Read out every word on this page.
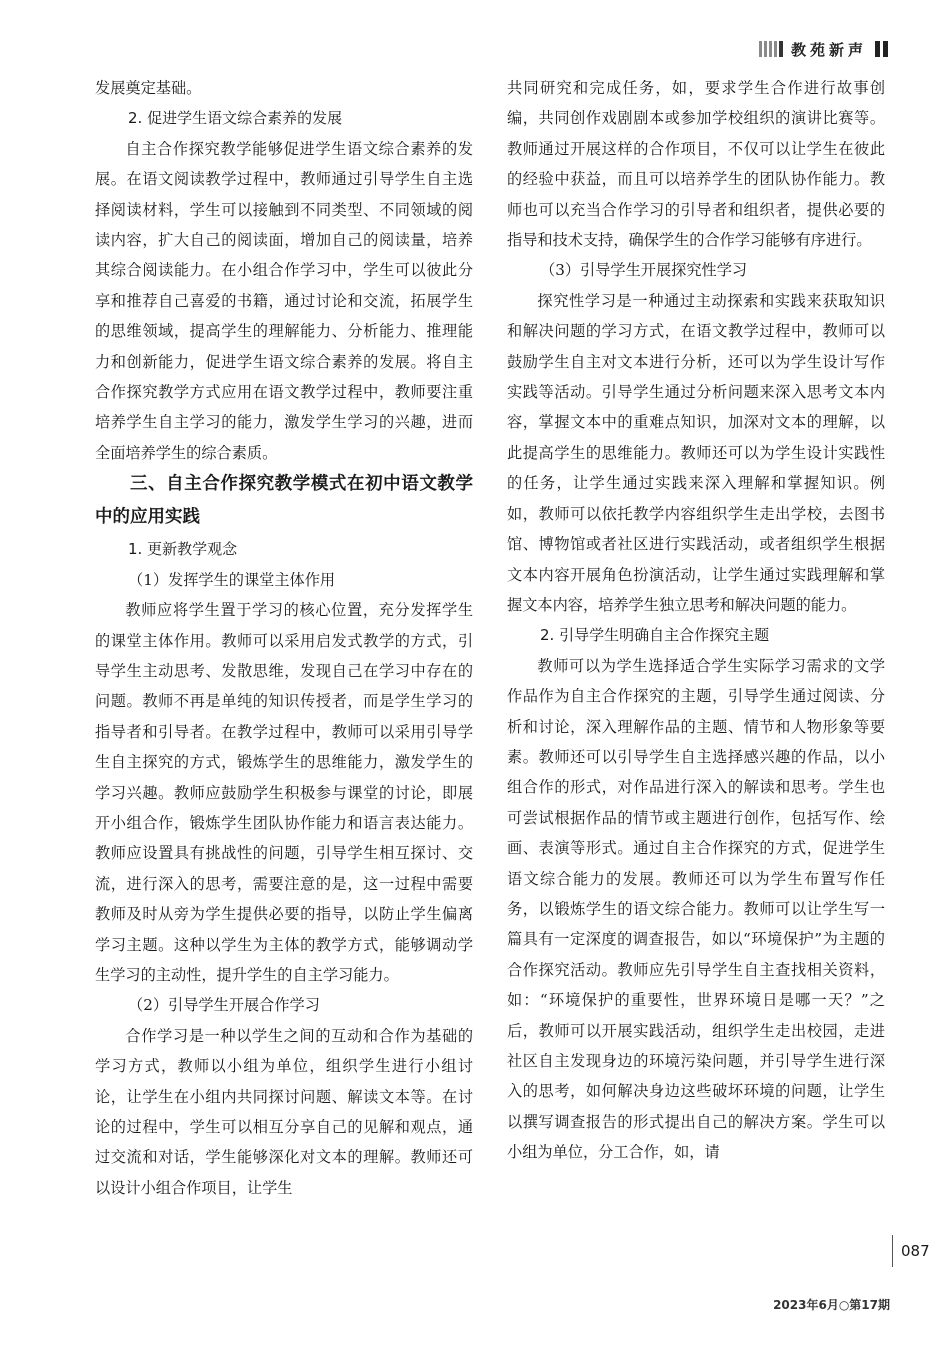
教苑新声

发展奠定基础。

2. 促进学生语文综合素养的发展

自主合作探究教学能够促进学生语文综合素养的发展。在语文阅读教学过程中，教师通过引导学生自主选择阅读材料，学生可以接触到不同类型、不同领域的阅读内容，扩大自己的阅读面，增加自己的阅读量，培养其综合阅读能力。在小组合作学习中，学生可以彼此分享和推荐自己喜爱的书籍，通过讨论和交流，拓展学生的思维领域，提高学生的理解能力、分析能力、推理能力和创新能力，促进学生语文综合素养的发展。将自主合作探究教学方式应用在语文教学过程中，教师要注重培养学生自主学习的能力，激发学生学习的兴趣，进而全面培养学生的综合素质。

三、自主合作探究教学模式在初中语文教学中的应用实践

1. 更新教学观念

（1）发挥学生的课堂主体作用

教师应将学生置于学习的核心位置，充分发挥学生的课堂主体作用。教师可以采用启发式教学的方式，引导学生主动思考、发散思维，发现自己在学习中存在的问题。教师不再是单纯的知识传授者，而是学生学习的指导者和引导者。在教学过程中，教师可以采用引导学生自主探究的方式，锻炼学生的思维能力，激发学生的学习兴趣。教师应鼓励学生积极参与课堂的讨论，即展开小组合作，锻炼学生团队协作能力和语言表达能力。教师应设置具有挑战性的问题，引导学生相互探讨、交流，进行深入的思考，需要注意的是，这一过程中需要教师及时从旁为学生提供必要的指导，以防止学生偏离学习主题。这种以学生为主体的教学方式，能够调动学生学习的主动性，提升学生的自主学习能力。

（2）引导学生开展合作学习

合作学习是一种以学生之间的互动和合作为基础的学习方式，教师以小组为单位，组织学生进行小组讨论，让学生在小组内共同探讨问题、解读文本等。在讨论的过程中，学生可以相互分享自己的见解和观点，通过交流和对话，学生能够深化对文本的理解。教师还可以设计小组合作项目，让学生

共同研究和完成任务，如，要求学生合作进行故事创编，共同创作戏剧剧本或参加学校组织的演讲比赛等。教师通过开展这样的合作项目，不仅可以让学生在彼此的经验中获益，而且可以培养学生的团队协作能力。教师也可以充当合作学习的引导者和组织者，提供必要的指导和技术支持，确保学生的合作学习能够有序进行。

（3）引导学生开展探究性学习

探究性学习是一种通过主动探索和实践来获取知识和解决问题的学习方式，在语文教学过程中，教师可以鼓励学生自主对文本进行分析，还可以为学生设计写作实践等活动。引导学生通过分析问题来深入思考文本内容，掌握文本中的重难点知识，加深对文本的理解，以此提高学生的思维能力。教师还可以为学生设计实践性的任务，让学生通过实践来深入理解和掌握知识。例如，教师可以依托教学内容组织学生走出学校，去图书馆、博物馆或者社区进行实践活动，或者组织学生根据文本内容开展角色扮演活动，让学生通过实践理解和掌握文本内容，培养学生独立思考和解决问题的能力。

2. 引导学生明确自主合作探究主题

教师可以为学生选择适合学生实际学习需求的文学作品作为自主合作探究的主题，引导学生通过阅读、分析和讨论，深入理解作品的主题、情节和人物形象等要素。教师还可以引导学生自主选择感兴趣的作品，以小组合作的形式，对作品进行深入的解读和思考。学生也可尝试根据作品的情节或主题进行创作，包括写作、绘画、表演等形式。通过自主合作探究的方式，促进学生语文综合能力的发展。教师还可以为学生布置写作任务，以锻炼学生的语文综合能力。教师可以让学生写一篇具有一定深度的调查报告，如以“环境保护”为主题的合作探究活动。教师应先引导学生自主查找相关资料，如：“环境保护的重要性，世界环境日是哪一天？”之后，教师可以开展实践活动，组织学生走出校园，走进社区自主发现身边的环境污染问题，并引导学生进行深入的思考，如何解决身边这些破坏环境的问题，让学生以撰写调查报告的形式提出自己的解决方案。学生可以小组为单位，分工合作，如，请

087
2023年6月○第17期
